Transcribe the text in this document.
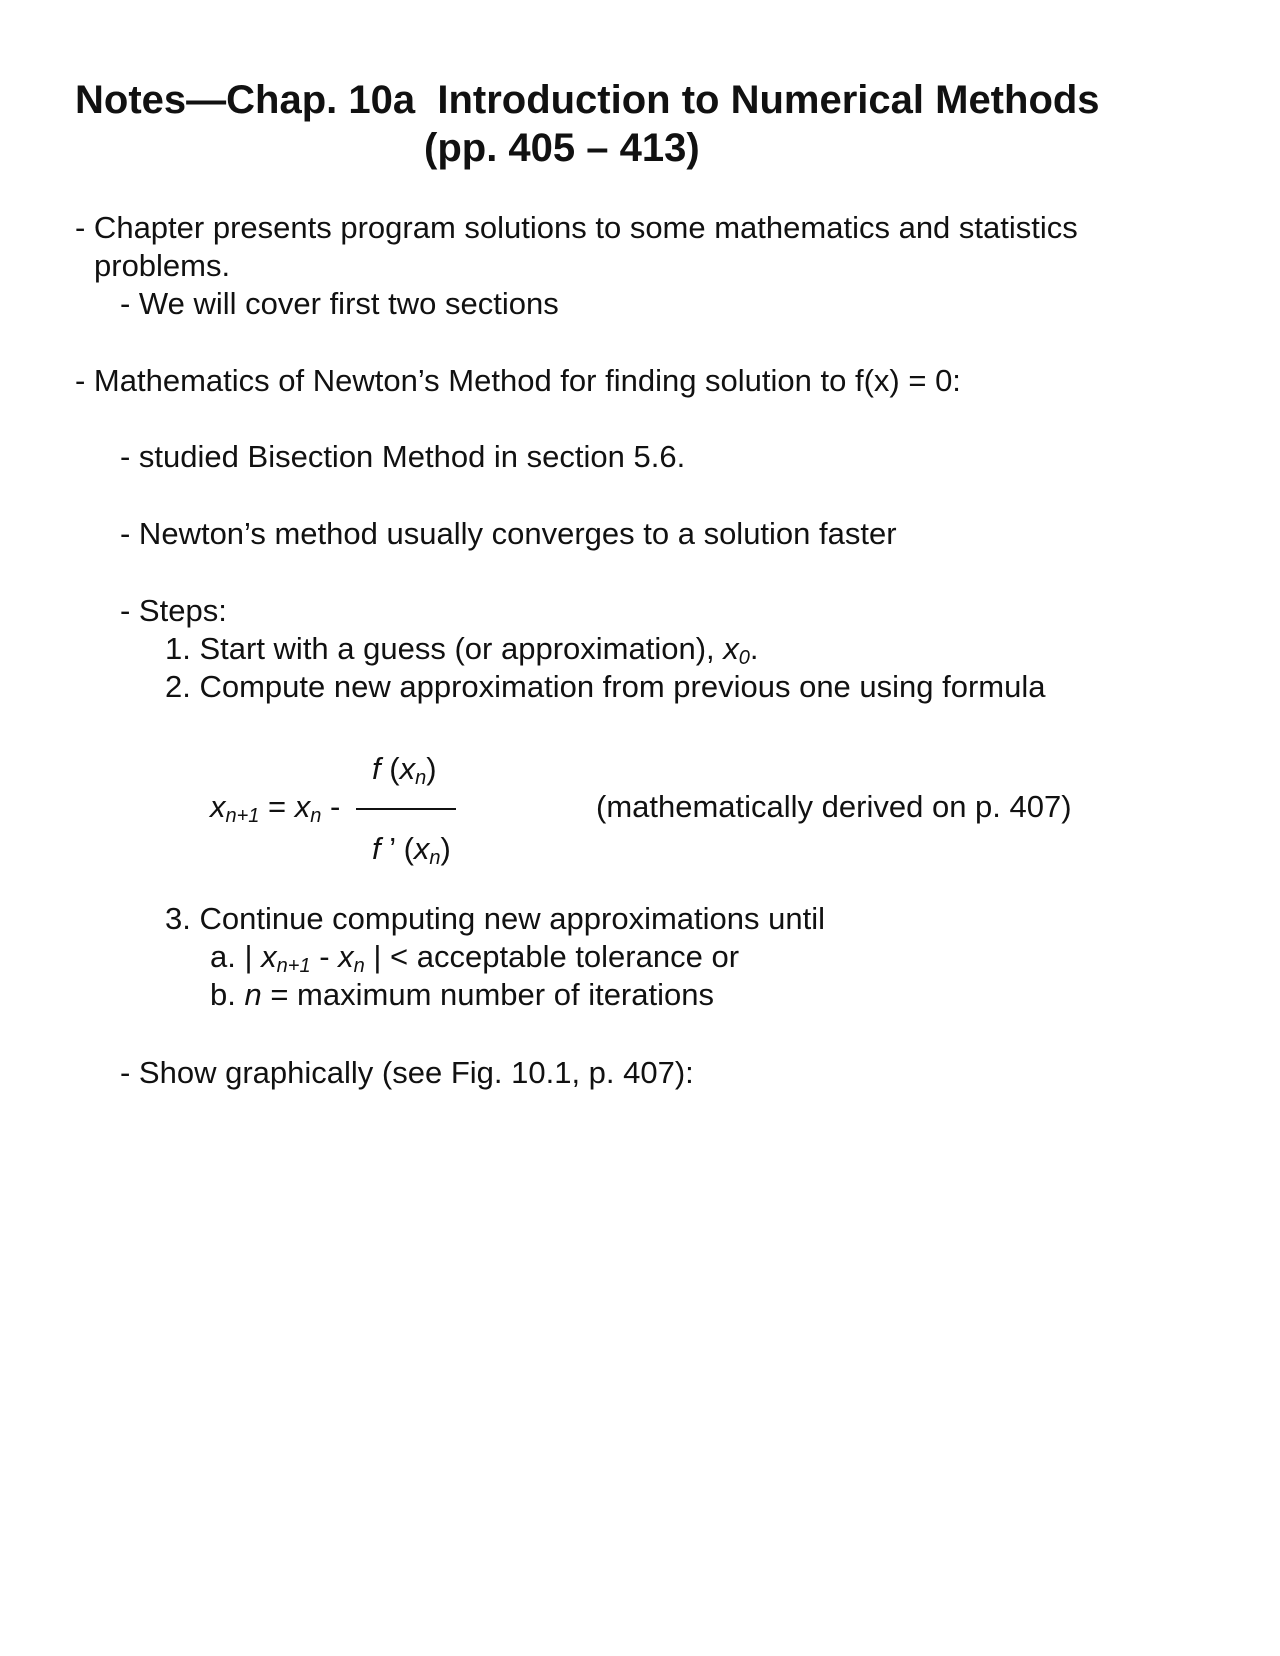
Notes—Chap. 10a  Introduction to Numerical Methods
(pp. 405 – 413)
- Chapter presents program solutions to some mathematics and statistics
problems.
- We will cover first two sections
- Mathematics of Newton’s Method for finding solution to f(x) = 0:
- studied Bisection Method in section 5.6.
- Newton’s method usually converges to a solution faster
- Steps:
1. Start with a guess (or approximation), $x_0$.
2. Compute new approximation from previous one using formula
$x_{n+1} = x_n$ -
f $(x_n)$
f ’ $(x_n)$
(mathematically derived on p. 407)
3. Continue computing new approximations until
a. | $x_{n+1} - x_n$ | < acceptable tolerance or
b. n = maximum number of iterations
- Show graphically (see Fig. 10.1, p. 407):
